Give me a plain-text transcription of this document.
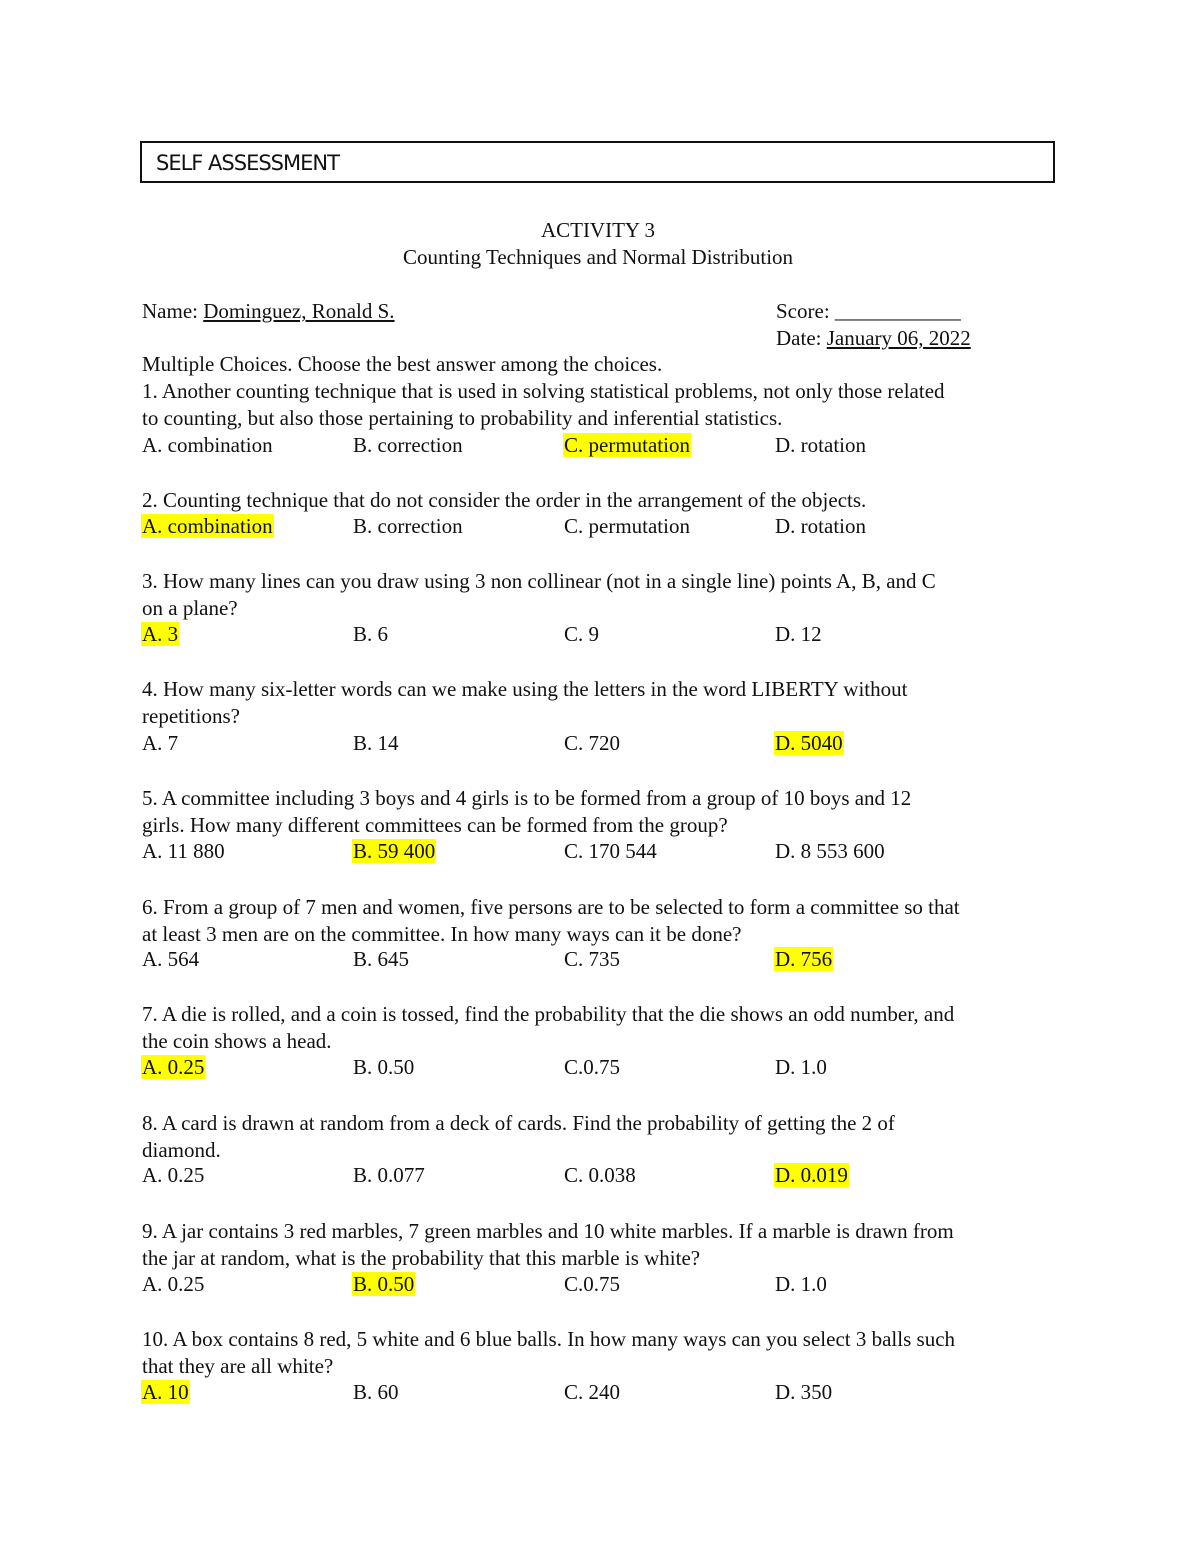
SELF ASSESSMENT
ACTIVITY 3
Counting Techniques and Normal Distribution
Name: Dominguez, Ronald S.	Score: ____________
Date: January 06, 2022
Multiple Choices. Choose the best answer among the choices.
1. Another counting technique that is used in solving statistical problems, not only those related
to counting, but also those pertaining to probability and inferential statistics.
A. combination	B. correction	C. permutation	D. rotation
2. Counting technique that do not consider the order in the arrangement of the objects.
A. combination	B. correction	C. permutation	D. rotation
3. How many lines can you draw using 3 non collinear (not in a single line) points A, B, and C
on a plane?
A. 3	B. 6	C. 9	D. 12
4. How many six-letter words can we make using the letters in the word LIBERTY without
repetitions?
A. 7	B. 14	C. 720	D. 5040
5. A committee including 3 boys and 4 girls is to be formed from a group of 10 boys and 12
girls. How many different committees can be formed from the group?
A. 11 880	B. 59 400	C. 170 544	D. 8 553 600
6. From a group of 7 men and women, five persons are to be selected to form a committee so that
at least 3 men are on the committee. In how many ways can it be done?
A. 564	B. 645	C. 735	D. 756
7. A die is rolled, and a coin is tossed, find the probability that the die shows an odd number, and
the coin shows a head.
A. 0.25	B. 0.50	C.0.75	D. 1.0
8. A card is drawn at random from a deck of cards. Find the probability of getting the 2 of
diamond.
A. 0.25	B. 0.077	C. 0.038	D. 0.019
9. A jar contains 3 red marbles, 7 green marbles and 10 white marbles. If a marble is drawn from
the jar at random, what is the probability that this marble is white?
A. 0.25	B. 0.50	C.0.75	D. 1.0
10. A box contains 8 red, 5 white and 6 blue balls. In how many ways can you select 3 balls such
that they are all white?
A. 10	B. 60	C. 240	D. 350
